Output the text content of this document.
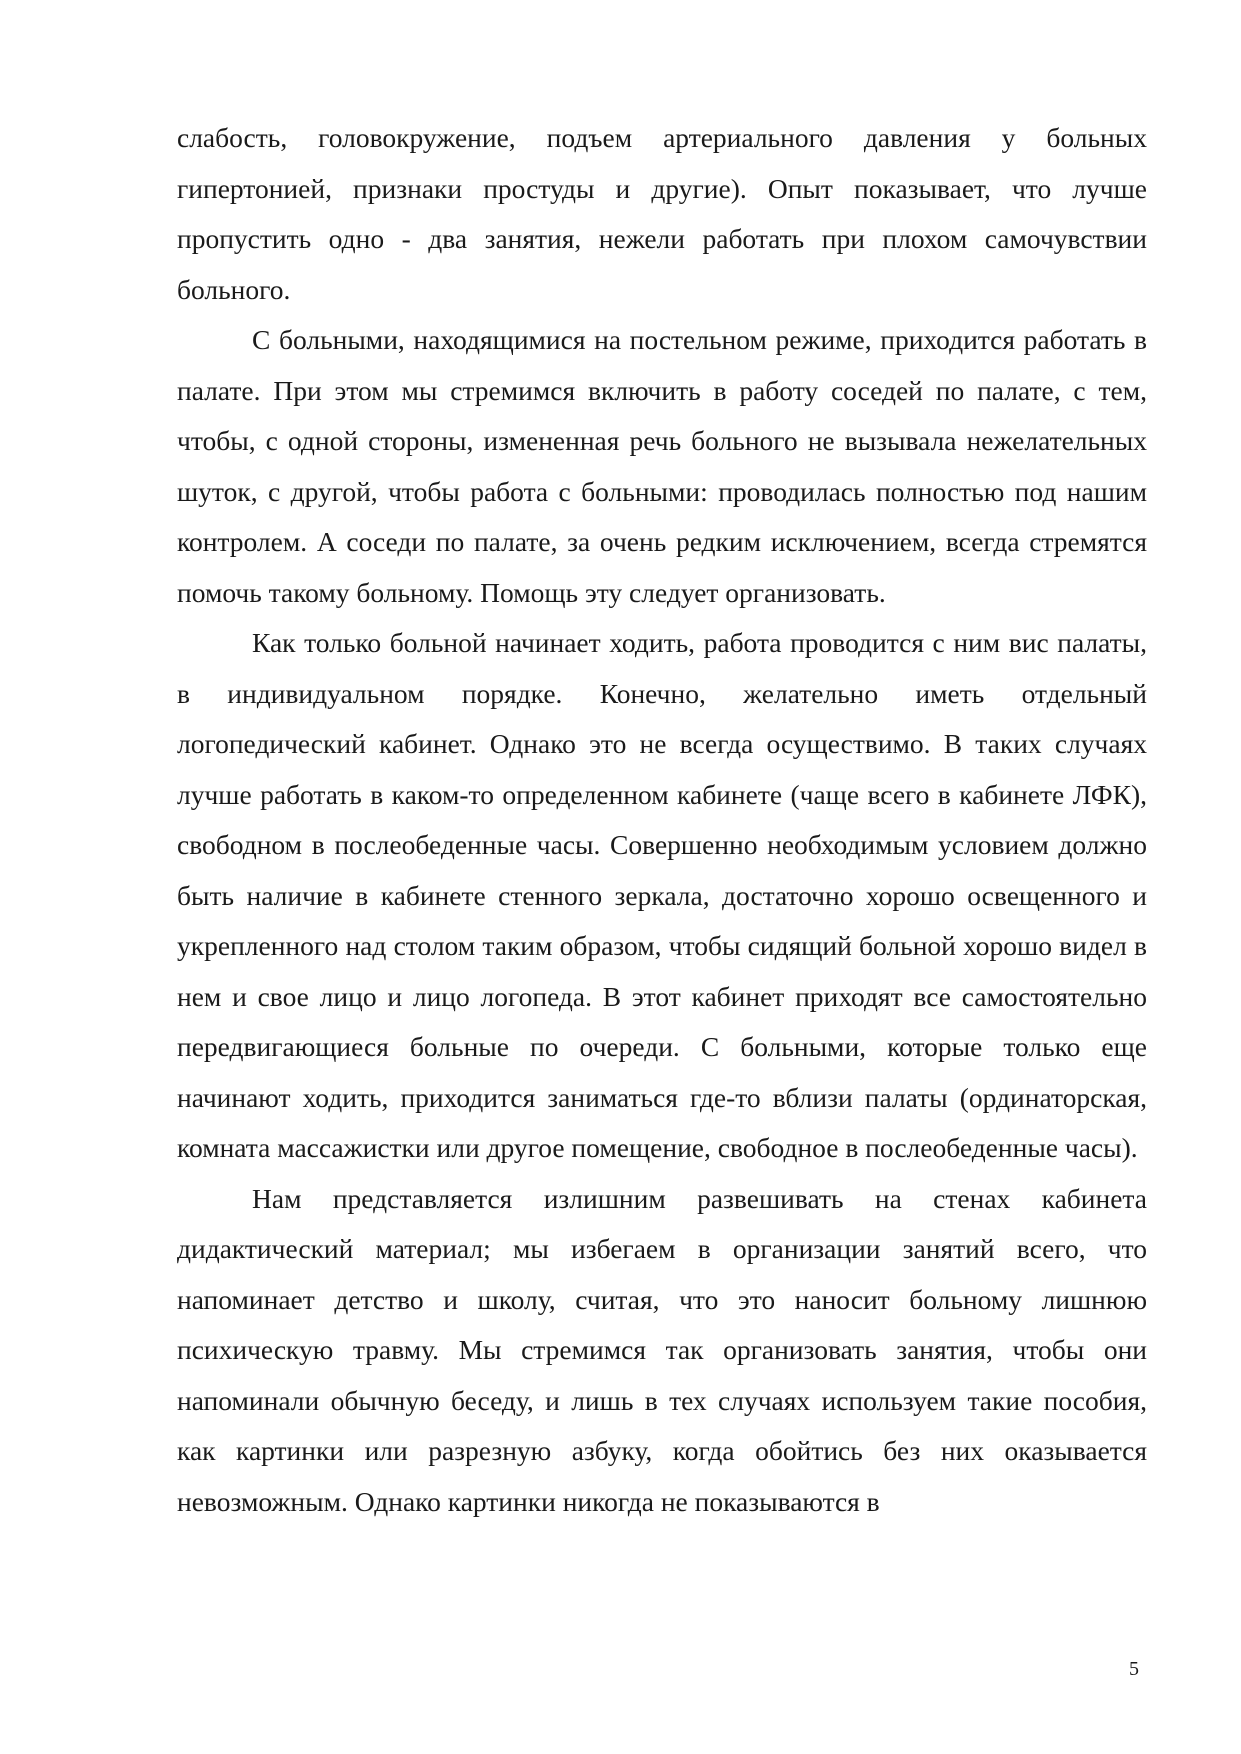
слабость, головокружение, подъем артериального давления у больных гипертонией, признаки простуды и другие). Опыт показывает, что лучше пропустить одно - два занятия, нежели работать при плохом самочувствии больного.

С больными, находящимися на постельном режиме, приходится работать в палате. При этом мы стремимся включить в работу соседей по палате, с тем, чтобы, с одной стороны, измененная речь больного не вызывала нежелательных шуток, с другой, чтобы работа с больными: проводилась полностью под нашим контролем. А соседи по палате, за очень редким исключением, всегда стремятся помочь такому больному. Помощь эту следует организовать.

Как только больной начинает ходить, работа проводится с ним вис палаты, в индивидуальном порядке. Конечно, желательно иметь отдельный логопедический кабинет. Однако это не всегда осуществимо. В таких случаях лучше работать в каком-то определенном кабинете (чаще всего в кабинете ЛФК), свободном в послеобеденные часы. Совершенно необходимым условием должно быть наличие в кабинете стенного зеркала, достаточно хорошо освещенного и укрепленного над столом таким образом, чтобы сидящий больной хорошо видел в нем и свое лицо и лицо логопеда. В этот кабинет приходят все самостоятельно передвигающиеся больные по очереди. С больными, которые только еще начинают ходить, приходится заниматься где-то вблизи палаты (ординаторская, комната массажистки или другое помещение, свободное в послеобеденные часы).

Нам представляется излишним развешивать на стенах кабинета дидактический материал; мы избегаем в организации занятий всего, что напоминает детство и школу, считая, что это наносит больному лишнюю психическую травму. Мы стремимся так организовать занятия, чтобы они напоминали обычную беседу, и лишь в тех случаях используем такие пособия, как картинки или разрезную азбуку, когда обойтись без них оказывается невозможным. Однако картинки никогда не показываются в

5
